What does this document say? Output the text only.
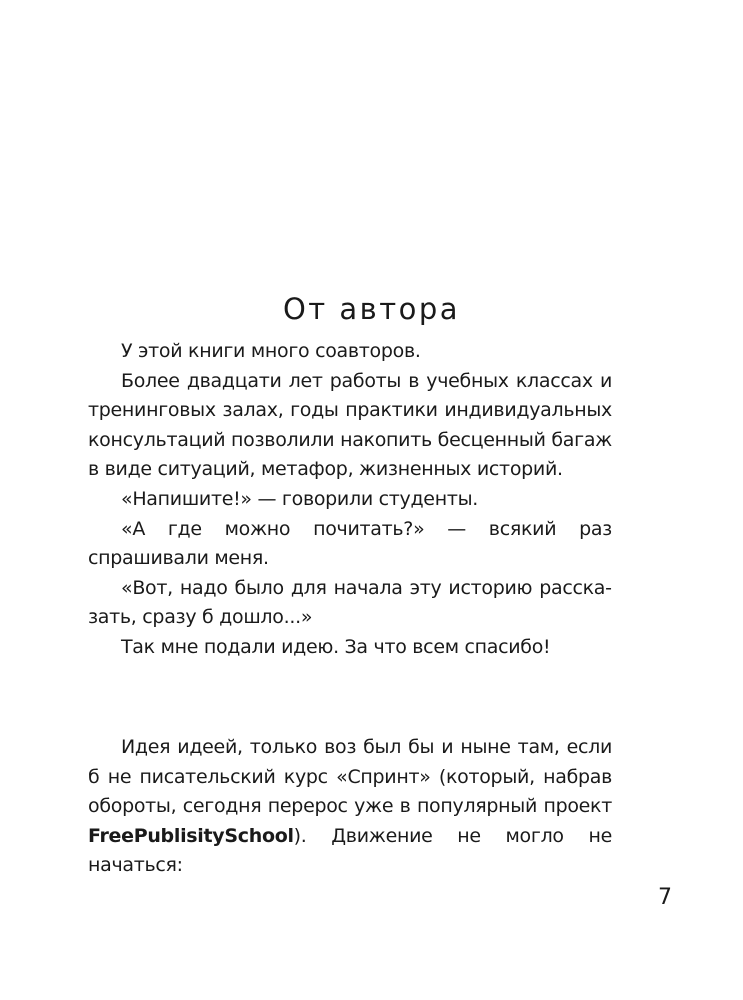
От автора

У этой книги много соавторов.

Более двадцати лет работы в учебных классах и тренинговых залах, годы практики индивидуальных консультаций позволили накопить бесценный багаж в виде ситуаций, метафор, жизненных историй.

«Напишите!» — говорили студенты.

«А где можно почитать?» — всякий раз спрашивали меня.

«Вот, надо было для начала эту историю рассказать, сразу б дошло...»

Так мне подали идею. За что всем спасибо!

Идея идеей, только воз был бы и ныне там, если б не писательский курс «Спринт» (который, набрав обороты, сегодня перерос уже в популярный проект FreePublisitySchool). Движение не могло не начаться:

7
